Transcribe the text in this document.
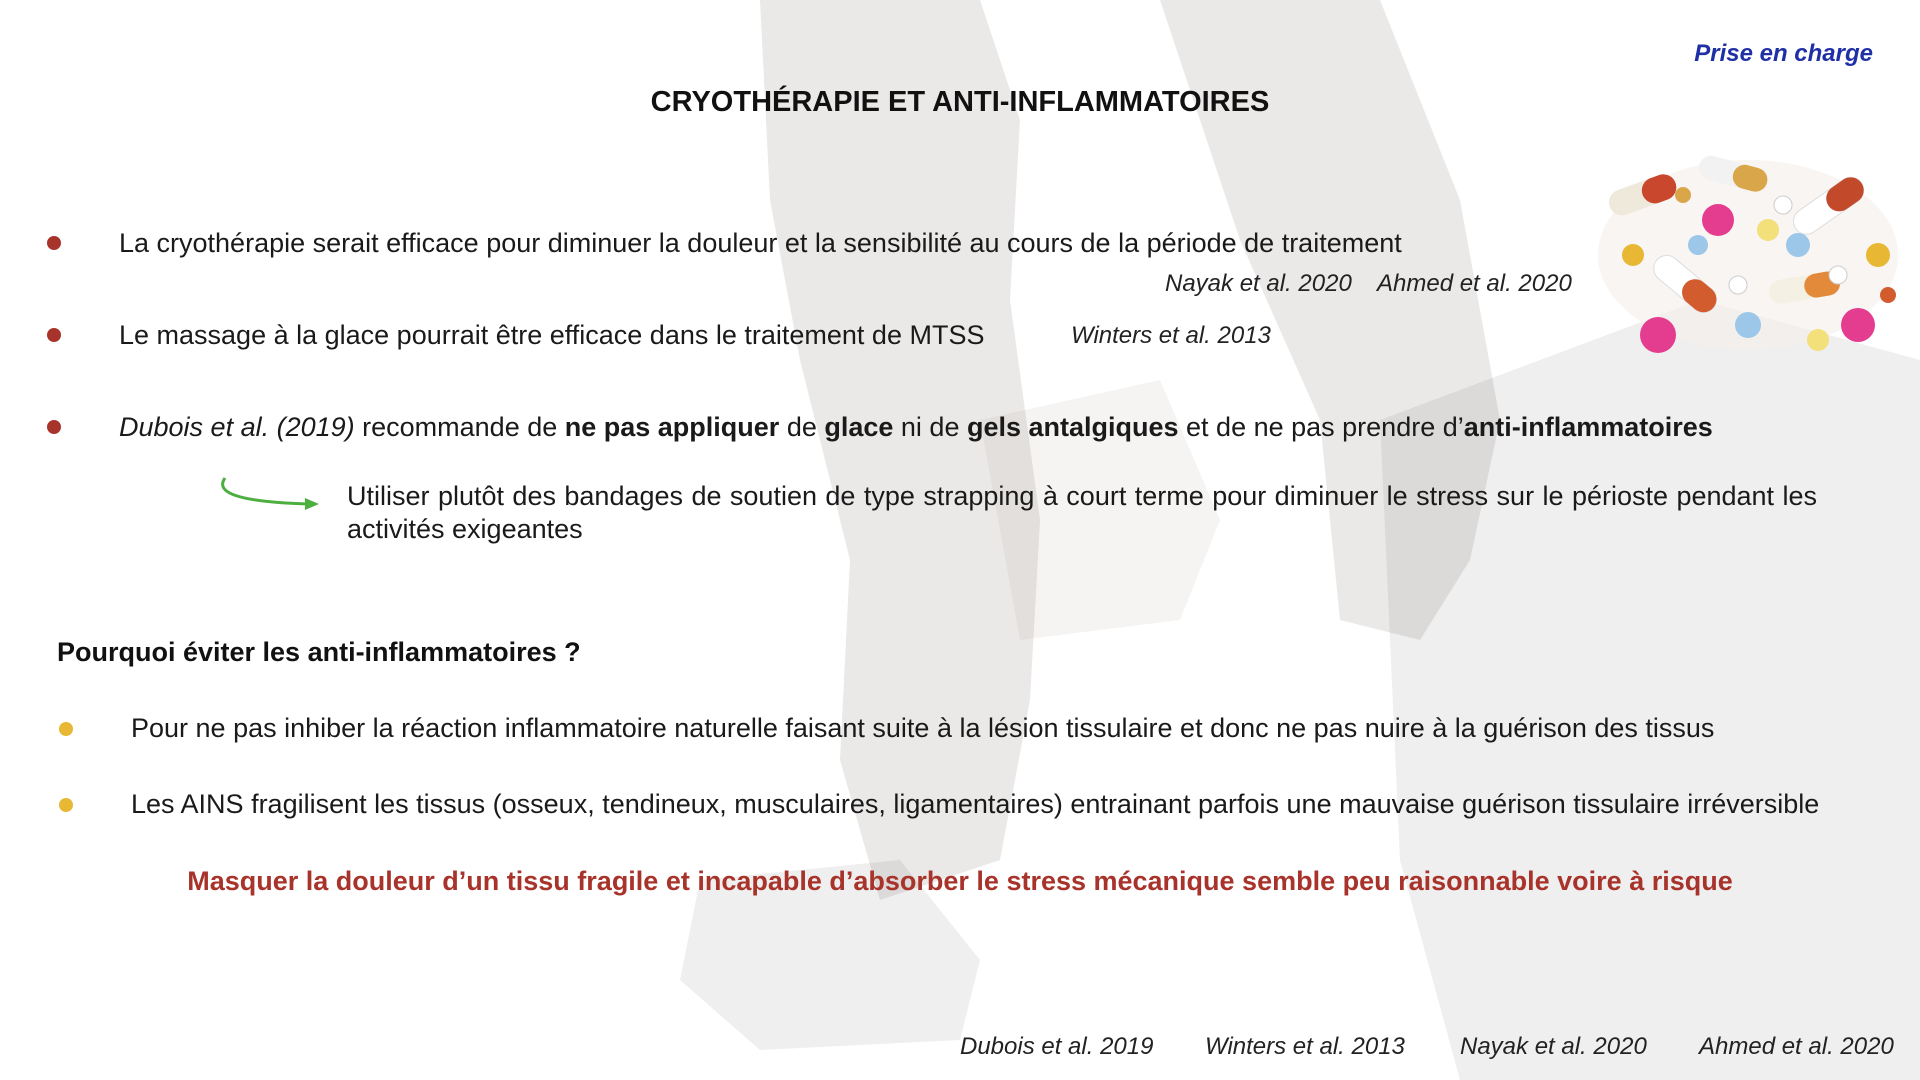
Prise en charge
CRYOTHÉRAPIE ET ANTI-INFLAMMATOIRES
La cryothérapie serait efficace pour diminuer la douleur et la sensibilité au cours de la période de traitement
Nayak et al. 2020 Ahmed et al. 2020
Le massage à la glace pourrait être efficace dans le traitement de MTSS	Winters et al. 2013
Dubois et al. (2019) recommande de ne pas appliquer de glace ni de gels antalgiques et de ne pas prendre d’anti-inflammatoires
Utiliser plutôt des bandages de soutien de type strapping à court terme pour diminuer le stress sur le périoste pendant les activités exigeantes
Pourquoi éviter les anti-inflammatoires ?
Pour ne pas inhiber la réaction inflammatoire naturelle faisant suite à la lésion tissulaire et donc ne pas nuire à la guérison des tissus
Les AINS fragilisent les tissus (osseux, tendineux, musculaires, ligamentaires) entrainant parfois une mauvaise guérison tissulaire irréversible
Masquer la douleur d’un tissu fragile et incapable d’absorber le stress mécanique semble peu raisonnable voire à risque
Dubois et al. 2019 Winters et al. 2013 Nayak et al. 2020 Ahmed et al. 2020
